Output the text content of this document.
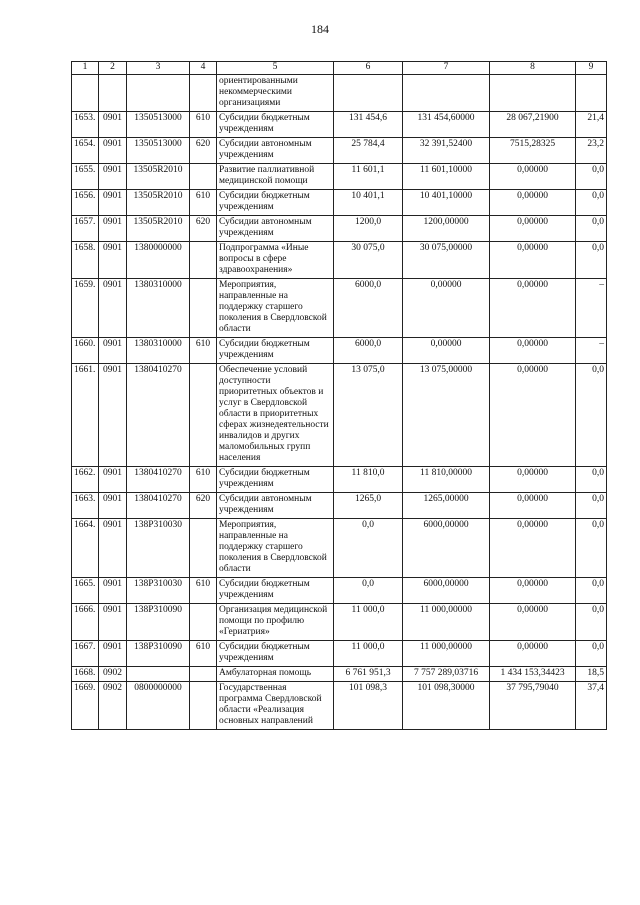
184
1	2	3	4	5	6	7	8	9
				ориентированными некоммерческими организациями				
1653.	0901	1350513000	610	Субсидии бюджетным учреждениям	131 454,6	131 454,60000	28 067,21900	21,4
1654.	0901	1350513000	620	Субсидии автономным учреждениям	25 784,4	32 391,52400	7515,28325	23,2
1655.	0901	13505R2010		Развитие паллиативной медицинской помощи	11 601,1	11 601,10000	0,00000	0,0
1656.	0901	13505R2010	610	Субсидии бюджетным учреждениям	10 401,1	10 401,10000	0,00000	0,0
1657.	0901	13505R2010	620	Субсидии автономным учреждениям	1200,0	1200,00000	0,00000	0,0
1658.	0901	1380000000		Подпрограмма «Иные вопросы в сфере здравоохранения»	30 075,0	30 075,00000	0,00000	0,0
1659.	0901	1380310000		Мероприятия, направленные на поддержку старшего поколения в Свердловской области	6000,0	0,00000	0,00000	–
1660.	0901	1380310000	610	Субсидии бюджетным учреждениям	6000,0	0,00000	0,00000	–
1661.	0901	1380410270		Обеспечение условий доступности приоритетных объектов и услуг в Свердловской области в приоритетных сферах жизнедеятельности инвалидов и других маломобильных групп населения	13 075,0	13 075,00000	0,00000	0,0
1662.	0901	1380410270	610	Субсидии бюджетным учреждениям	11 810,0	11 810,00000	0,00000	0,0
1663.	0901	1380410270	620	Субсидии автономным учреждениям	1265,0	1265,00000	0,00000	0,0
1664.	0901	138P310030		Мероприятия, направленные на поддержку старшего поколения в Свердловской области	0,0	6000,00000	0,00000	0,0
1665.	0901	138P310030	610	Субсидии бюджетным учреждениям	0,0	6000,00000	0,00000	0,0
1666.	0901	138P310090		Организация медицинской помощи по профилю «Гериатрия»	11 000,0	11 000,00000	0,00000	0,0
1667.	0901	138P310090	610	Субсидии бюджетным учреждениям	11 000,0	11 000,00000	0,00000	0,0
1668.	0902			Амбулаторная помощь	6 761 951,3	7 757 289,03716	1 434 153,34423	18,5
1669.	0902	0800000000		Государственная программа Свердловской области «Реализация основных направлений	101 098,3	101 098,30000	37 795,79040	37,4
